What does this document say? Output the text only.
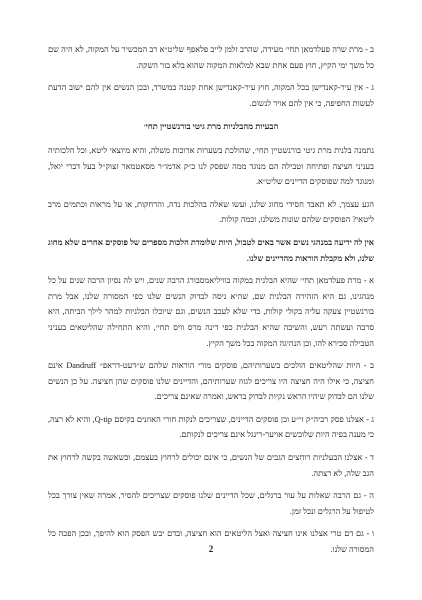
ב - מרת שרה פעלדמאן תחי׳ מעידה, שהרב זלמן לייב פלאפף שליט״א רב המכשיר על המקוה, לא היה שם כל משך ימי הקיץ, חוץ פעם אחת שבא למלאות המקוה שהוא בלא בור השקה.

ג - אין עיר-קאנדישן בכל המקוה, חוץ עיר-קאנדישן אחת קטנה במשרד, ובכן הנשים אין להם ישוב הדעת לעשות החפיפה, כי אין להם אויר לנשום.

הבעיות מהבלניות מרת גיטי בורנשטיין תחי׳

נתמנה בלנית מרת גיטי בורנשטיין תחי׳, שהולכת בשערות ארוכות משלה, והיא מיוצאי ליטא, וכל הלכותיה בעניני חציצה ופתיחה וטבילה הם מנוגד ממה שפסק לנו כ״ק אדמו״ר מסאטמאר זצוק״ל בעל דברי יואל, ומנוגד למה שפוסקים הדיינים שליט״א.

הגע עצמך, לא תאבד חסידי מחוג שלנו, ועשו שאלה בהלכות נדה, והרחקות, או על מראות וכתמים מרב ליטאי? הפוסקים שלהם שונות משלנו, וכמה קולות.

אין לה ידיעה במנהגי נשים אשר באים לטבול, היות שלומדת הלכות מספרים של פוסקים אחרים שלא מחוג שלנו, ולא מקבלת הוראות מהדיינים שלנו.

א - מרת פעלדמאן תחי׳ שהיא הבלנית במקוה בוויליאמסבורג הרבה שנים, ויש לה נסיון הרבה שנים על כל מנהגינו, גם היא הזהירה הבלנית שם, שהיא ניסה לבדוק הנשים שלנו כפי המסורה שלנו, אבל מרת בורנשטיין צעקה עליה בקולי קולות, כדי שלא לעכב הנשים, וגם שיוכלו הבלניות למהר לילך הביתה, היא סרבה ועשתה רעש, והשיבה שהיא הבלנית כפי דינה מרס וויס תחי׳, והיא התחילה שהליטאים בעניני הטבילה סבירא להו, וכן הנהיגה המקוה בכל משך הקיץ.

ב - היות שהליטאים הולכים בשערותיהם, פוסקים מורי הוראות שלהם ש״דעט-דראפ״ Dandruff אינם חציצה, כי אילו היה חציצה היו צריכים לגזוז שערותיהם, והדיינים שלנו פוסקים שהן חציצה. על כן הנשים שלנו הם לבדוק שיהיו הראש נקיות לבדוק בראש, ואמרה שאינם צריכים.

ג - אצלנו פסק רביה״ק זי״ע וכן פוסקים הדיינים, שצריכים לנקות חורי האוזנים בקיסם Q-tip, והיא לא רצה, כי מענה בפיה היות שלובשים אויער-רינגל אינם צריכים לנקותם.

ד - אצלנו הבעלניות רוחצים הגבים של הנשים, כי אינם יכולים לרחוץ בעצמם, וכשאשה בקשה לרחוץ את הגב שלה, לא רצתה.

ה - גם הרבה שאלות על עור ברגלים, שכל הדיינים שלנו פוסקים שצריכים להסיר, אמרה שאין צורך בכל לטיפול על הרגלים ונכל זמן.

ו - גם דם טרי אצלנו אינו חציצה ואצל הליטאים הוא חציצה, ובדם יבש הפסק הוא להיפך, ובכן הפכה כל המסורה שלנו.

2
